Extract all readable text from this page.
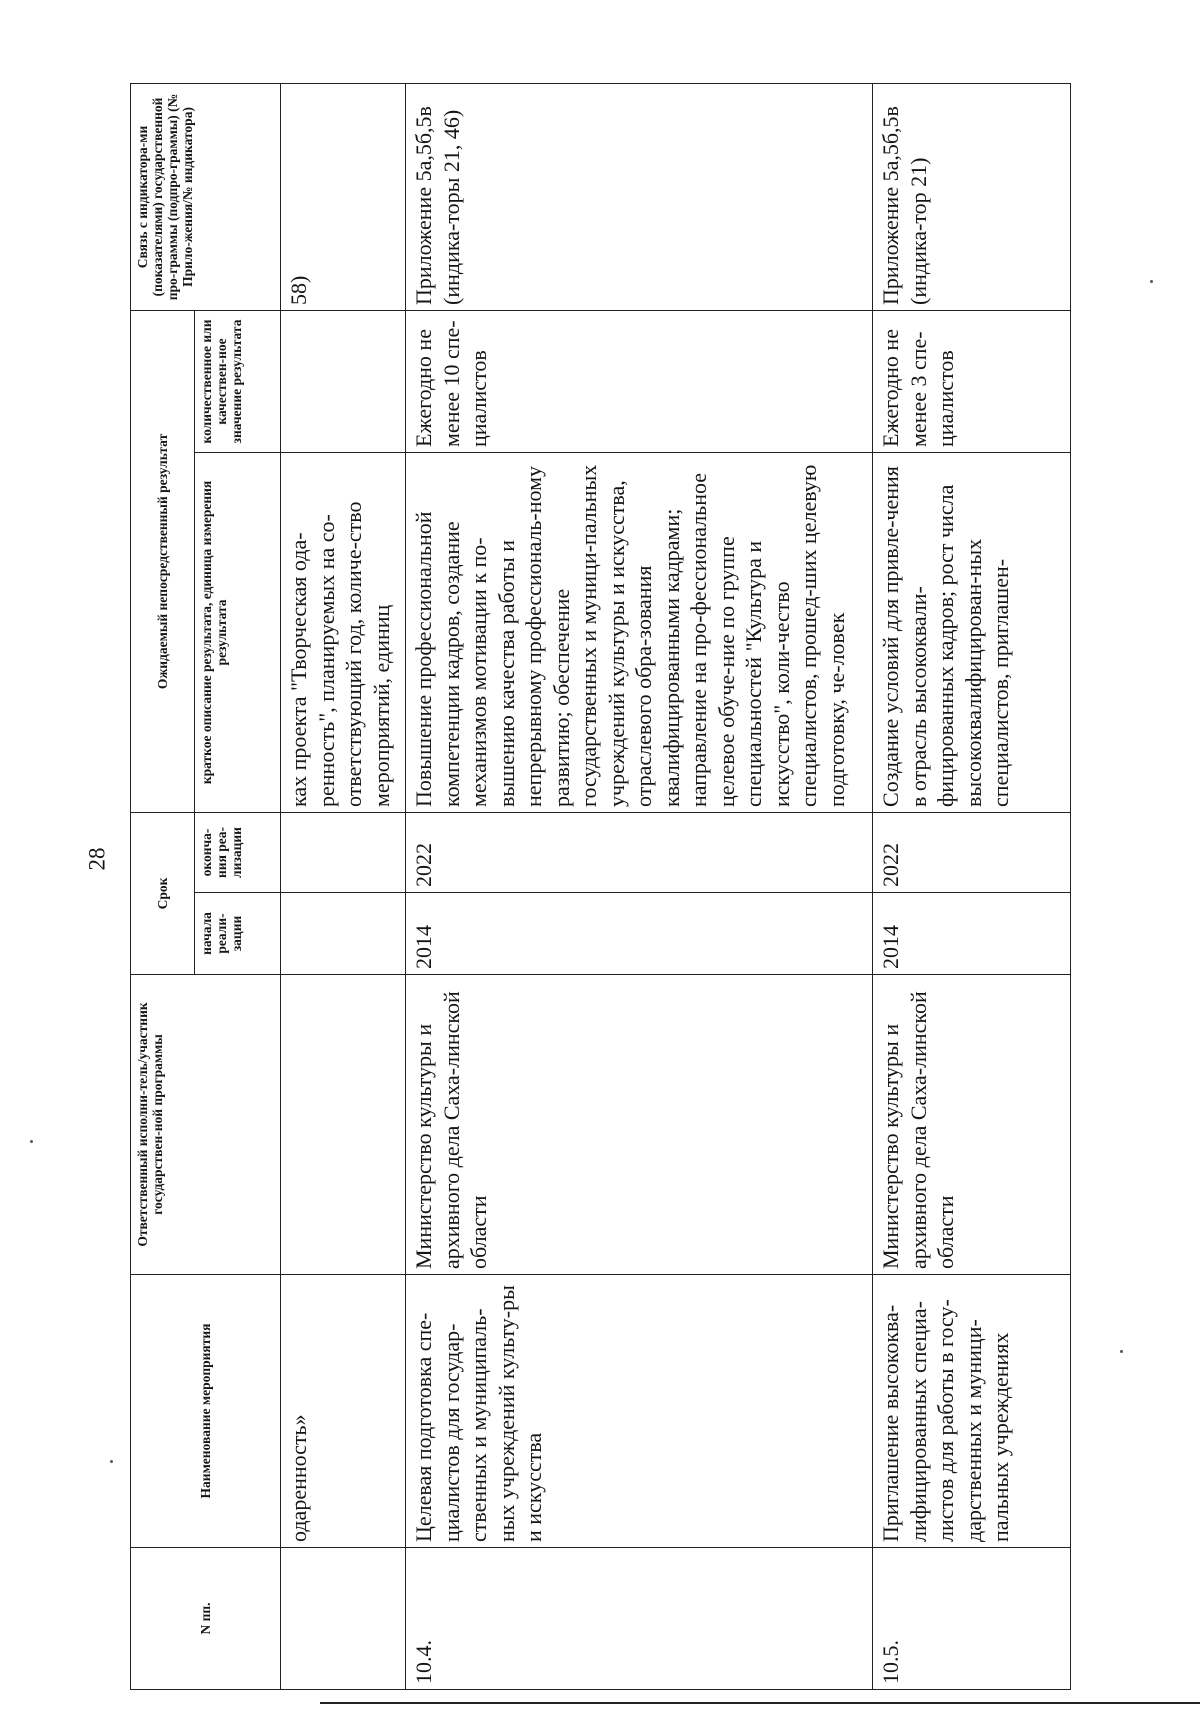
28
N пп.	Наименование мероприятия	Ответственный исполни-тель/участник государствен-ной программы	Срок		Ожидаемый непосредственный результат		Связь с индикатора-ми (показателями) государственной про-граммы (подпро-граммы) (№ Прило-жения/№ индикатора)
			начала реали-зации	оконча-ния реа-лизации	краткое описание результата, единица измерения результата	количественное или качествен-ное значение результата	
	одаренность»				ках проекта "Творческая ода-ренность", планируемых на со-ответствующий год, количе-ство мероприятий, единиц		58)
10.4.	Целевая подготовка спе-циалистов для государ-ственных и муниципаль-ных учреждений культу-ры и искусства	Министерство культуры и архивного дела Саха-линской области	2014	2022	Повышение профессиональной компетенции кадров, создание механизмов мотивации к по-вышению качества работы и непрерывному профессиональ-ному развитию; обеспечение государственных и муници-пальных учреждений культуры и искусства, отраслевого обра-зования квалифицированными кадрами; направление на про-фессиональное целевое обуче-ние по группе специальностей "Культура и искусство", коли-чество специалистов, прошед-ших целевую подготовку, че-ловек	Ежегодно не менее 10 спе-циалистов	Приложение 5а,5б,5в (индика-торы 21, 46)
10.5.	Приглашение высококва-лифицированных специа-листов для работы в госу-дарственных и муници-пальных учреждениях	Министерство культуры и архивного дела Саха-линской области	2014	2022	Создание условий для привле-чения в отрасль высококвали-фицированных кадров; рост числа высококвалифицирован-ных специалистов, приглашен-	Ежегодно не менее 3 спе-циалистов	Приложение 5а,5б,5в (индика-тор 21)
